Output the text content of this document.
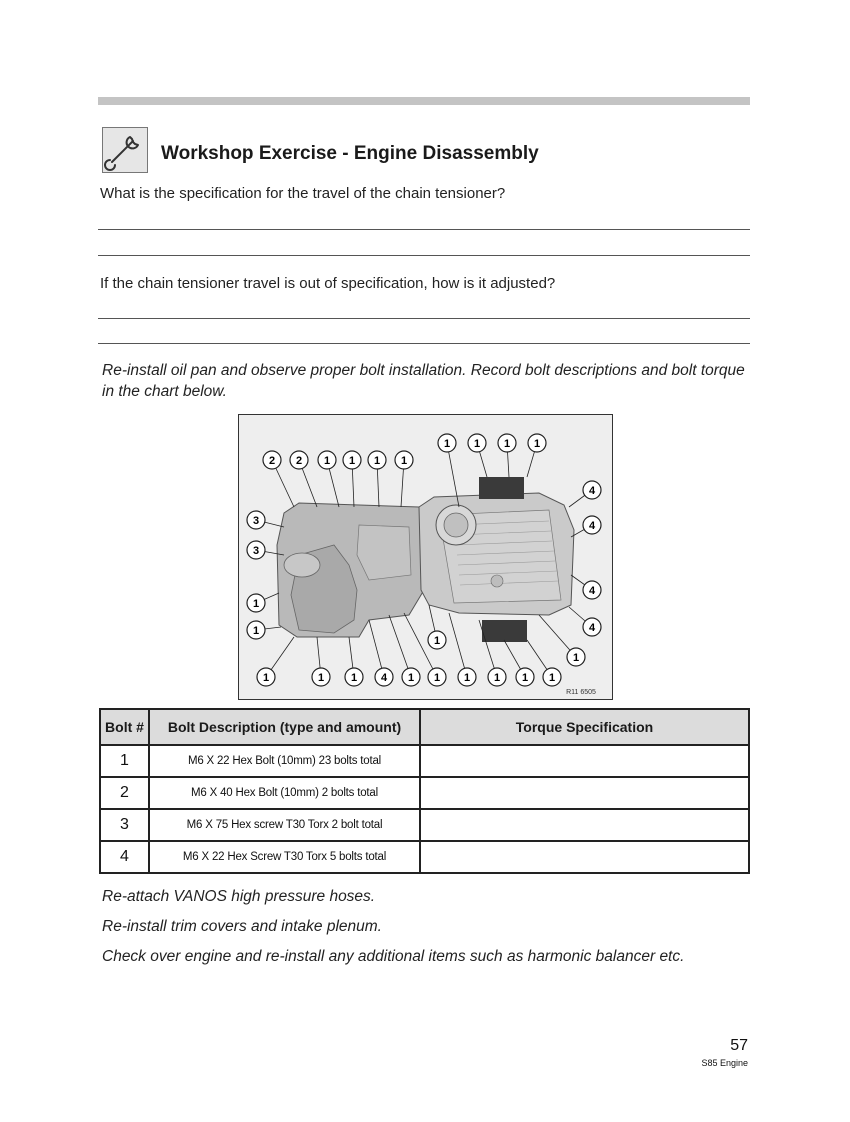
Workshop Exercise - Engine Disassembly
What is the specification for the travel of the chain tensioner?
If the chain tensioner travel is out of specification, how is it adjusted?
Re-install oil pan and observe proper bolt installation. Record bolt descriptions and bolt torque in the chart below.
2 2 1 1 1 1
1 1 1 1
3
3
1
1
4
4
4
4
1
1
1	1 1 4 1 1 1 1 1 1
R11 6505
Bolt #	Bolt Description (type and amount)	Torque Specification
1	M6 X 22 Hex Bolt (10mm) 23 bolts total	
2	M6 X 40 Hex Bolt (10mm) 2 bolts total	
3	M6 X 75 Hex screw T30 Torx 2 bolt total	
4	M6 X 22 Hex Screw T30 Torx 5 bolts total	
Re-attach VANOS high pressure hoses.
Re-install trim covers and intake plenum.
Check over engine and re-install any additional items such as harmonic balancer etc.
57
S85 Engine
